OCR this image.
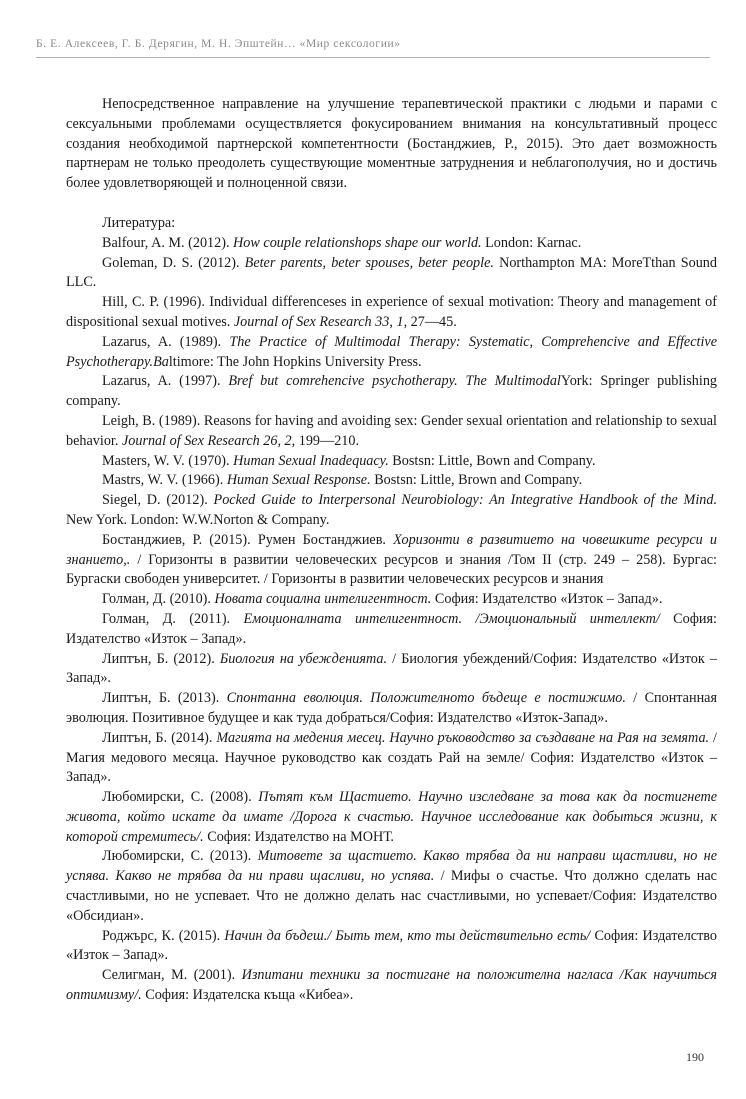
Б. Е. Алексеев, Г. Б. Дерягин, М. Н. Эпштейн… «Мир сексологии»

Непосредственное направление на улучшение терапевтической практики с людьми и парами с сексуальными проблемами осуществляется фокусированием внимания на консультативный процесс создания необходимой партнерской компетентности (Бостанджиев, Р., 2015). Это дает возможность партнерам не только преодолеть существующие моментные затруднения и неблагополучия, но и достичь более удовлетворяющей и полноценной связи.

Литература:

Balfour, A. M. (2012). How couple relationshops shape our world. London: Karnac.

Goleman, D. S. (2012). Beter parents, beter spouses, beter people. Northampton MA: MoreTthan Sound LLC.

Hill, C. P. (1996). Individual differenceses in experience of sexual motivation: Theory and management of dispositional sexual motives. Journal of Sex Research 33, 1, 27—45.

Lazarus, A. (1989). The Practice of Multimodal Therapy: Systematic, Comprehencive and Effective Psychotherapy.Baltimore: The John Hopkins University Press.

Lazarus, A. (1997). Bref but comrehencive psychotherapy. The MultimodalYork: Springer publishing company.

Leigh, B. (1989). Reasons for having and avoiding sex: Gender sexual orientation and relationship to sexual behavior. Journal of Sex Research 26, 2, 199—210.

Masters, W. V. (1970). Human Sexual Inadequacy. Bostsn: Little, Bown and Company.

Mastrs, W. V. (1966). Human Sexual Response. Bostsn: Little, Brown and Company.

Siegel, D. (2012). Pocked Guide to Interpersonal Neurobiology: An Integrative Handbook of the Mind. New York. London: W.W.Norton & Company.

Бостанджиев, Р. (2015). Румен Бостанджиев. Хоризонти в развитието на човешките ресурси и знанието,. / Горизонты в развитии человеческих ресурсов и знания /Том II (стр. 249 – 258). Бургас: Бургаски свободен университет. / Горизонты в развитии человеческих ресурсов и знания

Голман, Д. (2010). Новата социална интелигентност. София: Издателство «Изток – Запад».

Голман, Д. (2011). Емоционалната интелигентност. /Эмоциональный интеллект/ София: Издателство «Изток – Запад».

Липтън, Б. (2012). Биология на убежденията. / Биология убеждений/София: Издателство «Изток – Запад».

Липтън, Б. (2013). Спонтанна еволюция. Положителното бъдеще е постижимо. / Спонтанная эволюция. Позитивное будущее и как туда добраться/София: Издателство «Изток-Запад».

Липтън, Б. (2014). Магията на медения месец. Научно ръководство за създаване на Рая на земята. / Магия медового месяца. Научное руководство как создать Рай на земле/ София: Издателство «Изток – Запад».

Любомирски, С. (2008). Пътят към Щастието. Научно изследване за това как да постигнете живота, който искате да имате /Дорога к счастью. Научное исследование как добыться жизни, к которой стремитесь/. София: Издателство на МОНТ.

Любомирски, С. (2013). Митовете за щастието. Какво трябва да ни направи щастливи, но не успява. Какво не трябва да ни прави щасливи, но успява. / Мифы о счастье. Что должно сделать нас счастливыми, но не успевает. Что не должно делать нас счастливыми, но успевает/София: Издателство «Обсидиан».

Роджърс, К. (2015). Начин да бъдеш./ Быть тем, кто ты действительно есть/ София: Издателство «Изток – Запад».

Селигман, М. (2001). Изпитани техники за постигане на положителна нагласа /Как научиться оптимизму/. София: Издателска къща «Кибеа».

190
